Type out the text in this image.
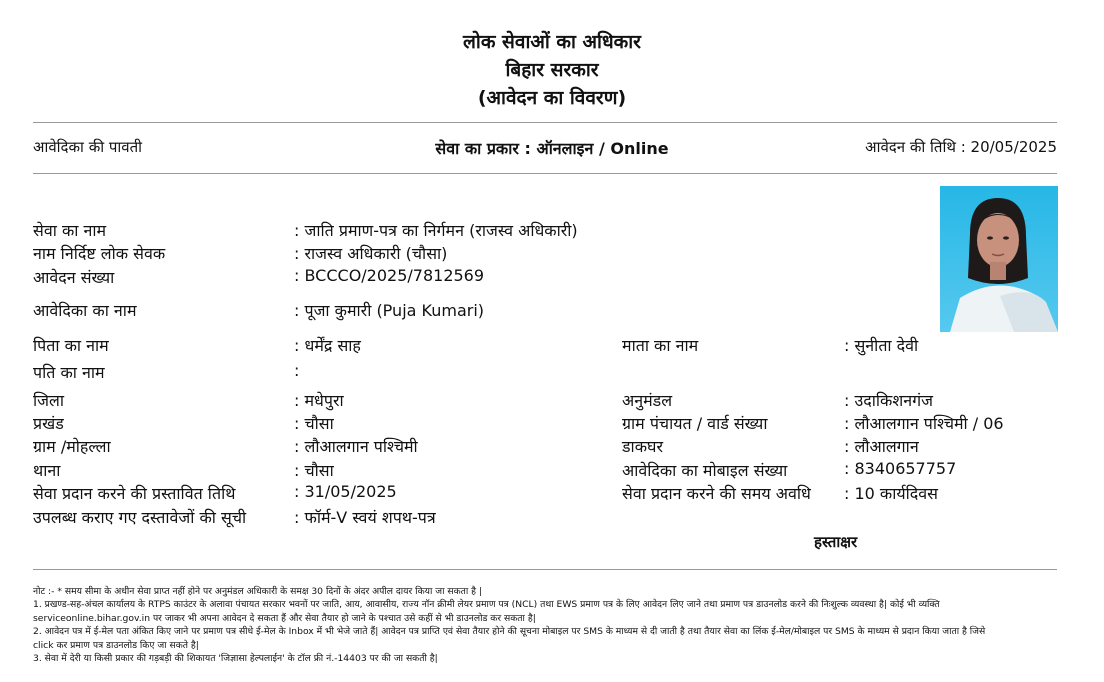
लोक सेवाओं का अधिकार
बिहार सरकार
(आवेदन का विवरण)
आवेदिका की पावती	सेवा का प्रकार : ऑनलाइन / Online	आवेदन की तिथि : 20/05/2025
सेवा का नाम	: जाति प्रमाण-पत्र का निर्गमन (राजस्व अधिकारी)
नाम निर्दिष्ट लोक सेवक	: राजस्व अधिकारी (चौसा)
आवेदन संख्या	: BCCCO/2025/7812569
आवेदिका का नाम	: पूजा कुमारी (Puja Kumari)
पिता का नाम	: धर्मेंद्र साह
पति का नाम	:
जिला	: मधेपुरा
प्रखंड	: चौसा
ग्राम /मोहल्ला	: लौआलगान पश्चिमी
थाना	: चौसा
सेवा प्रदान करने की प्रस्तावित तिथि	: 31/05/2025
उपलब्ध कराए गए दस्तावेजों की सूची	: फॉर्म-V स्वयं शपथ-पत्र
माता का नाम	: सुनीता देवी
अनुमंडल	: उदाकिशनगंज
ग्राम पंचायत / वार्ड संख्या	: लौआलगान पश्चिमी / 06
डाकघर	: लौआलगान
आवेदिका का मोबाइल संख्या	: 8340657757
सेवा प्रदान करने की समय अवधि : 10 कार्यदिवस
हस्ताक्षर
नोट :- * समय सीमा के अधीन सेवा प्राप्त नहीं होने पर अनुमंडल अधिकारी के समक्ष 30 दिनों के अंदर अपील दायर किया जा सकता है |
1. प्रखण्ड-सह-अंचल कार्यालय के RTPS काउंटर के अलावा पंचायत सरकार भवनों पर जाति, आय, आवासीय, राज्य नॉन क्रीमी लेयर प्रमाण पत्र (NCL) तथा EWS प्रमाण पत्र के लिए आवेदन लिए जाने तथा प्रमाण पत्र डाउनलोड करने की निःशुल्क व्यवस्था है| कोई भी व्यक्ति
serviceonline.bihar.gov.in पर जाकर भी अपना आवेदन दे सकता हैं और सेवा तैयार हो जाने के पश्चात उसे कहीं से भी डाउनलोड कर सकता है|
2. आवेदन पत्र में ई-मेल पता अंकित किए जाने पर प्रमाण पत्र सीधे ई-मेल के Inbox में भी भेजे जाते हैं| आवेदन पत्र प्राप्ति एवं सेवा तैयार होने की सूचना मोबाइल पर SMS के माध्यम से दी जाती है तथा तैयार सेवा का लिंक ई-मेल/मोबाइल पर SMS के माध्यम से प्रदान किया जाता है जिसे
click कर प्रमाण पत्र डाउनलोड किए जा सकते है|
3. सेवा में देरी या किसी प्रकार की गड़बड़ी की शिकायत 'जिज्ञासा हेल्पलाईन' के टॉल फ्री नं.-14403 पर की जा सकती है|
